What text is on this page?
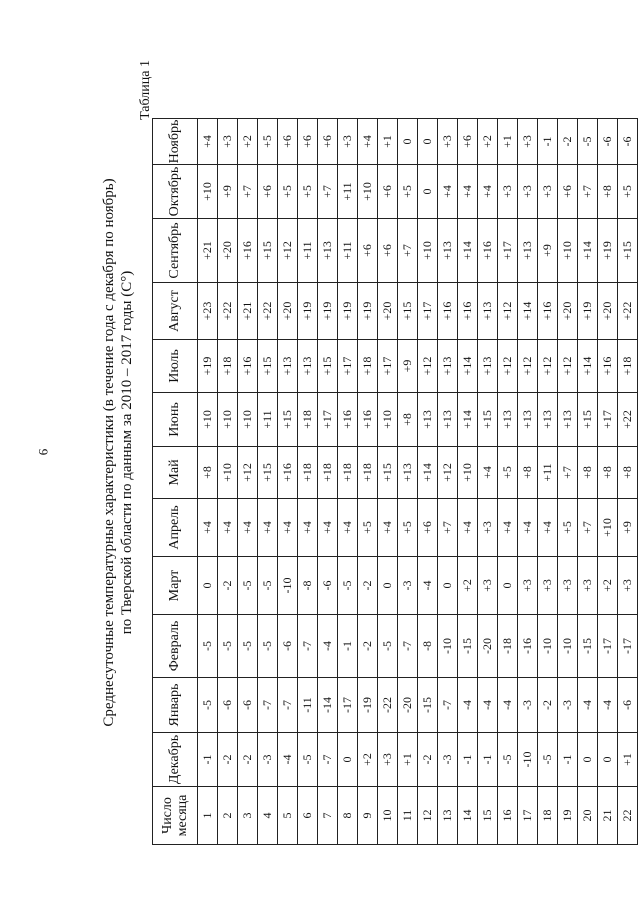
9	Среднесуточные температурные характеристики (в течение года с декабря по ноябрь) по Тверской области по данным за 2010 – 2017 годы (С°)
Таблица 1
Число месяца	Декабрь	Январь	Февраль	Март	Апрель	Май	Июнь	Июль	Август	Сентябрь	Октябрь	Ноябрь
1	-1	-5	-5	0	+4	+8	+10	+19	+23	+21	+10	+4
2	-2	-6	-5	-2	+4	+10	+10	+18	+22	+20	+9	+3
3	-2	-6	-5	-5	+4	+12	+10	+16	+21	+16	+7	+2
4	-3	-7	-5	-5	+4	+15	+11	+15	+22	+15	+6	+5
5	-4	-7	-6	-10	+4	+16	+15	+13	+20	+12	+5	+6
6	-5	-11	-7	-8	+4	+18	+18	+13	+19	+11	+5	+6
7	-7	-14	-4	-6	+4	+18	+17	+15	+19	+13	+7	+6
8	0	-17	-1	-5	+4	+18	+16	+17	+19	+11	+11	+3
9	+2	-19	-2	-2	+5	+18	+16	+18	+19	+6	+10	+4
10	+3	-22	-5	0	+4	+15	+10	+17	+20	+6	+6	+1
11	+1	-20	-7	-3	+5	+13	+8	+9	+15	+7	+5	0
12	-2	-15	-8	-4	+6	+14	+13	+12	+17	+10	0	0
13	-3	-7	-10	0	+7	+12	+13	+13	+16	+13	+4	+3
14	-1	-4	-15	+2	+4	+10	+14	+14	+16	+14	+4	+6
15	-1	-4	-20	+3	+3	+4	+15	+13	+13	+16	+4	+2
16	-5	-4	-18	0	+4	+5	+13	+12	+12	+17	+3	+1
17	-10	-3	-16	+3	+4	+8	+13	+12	+14	+13	+3	+3
18	-5	-2	-10	+3	+4	+11	+13	+12	+16	+9	+3	-1
19	-1	-3	-10	+3	+5	+7	+13	+12	+20	+10	+6	-2
20	0	-4	-15	+3	+7	+8	+15	+14	+19	+14	+7	-5
21	0	-4	-17	+2	+10	+8	+17	+16	+20	+19	+8	-6
22	+1	-6	-17	+3	+9	+8	+22	+18	+22	+15	+5	-6
